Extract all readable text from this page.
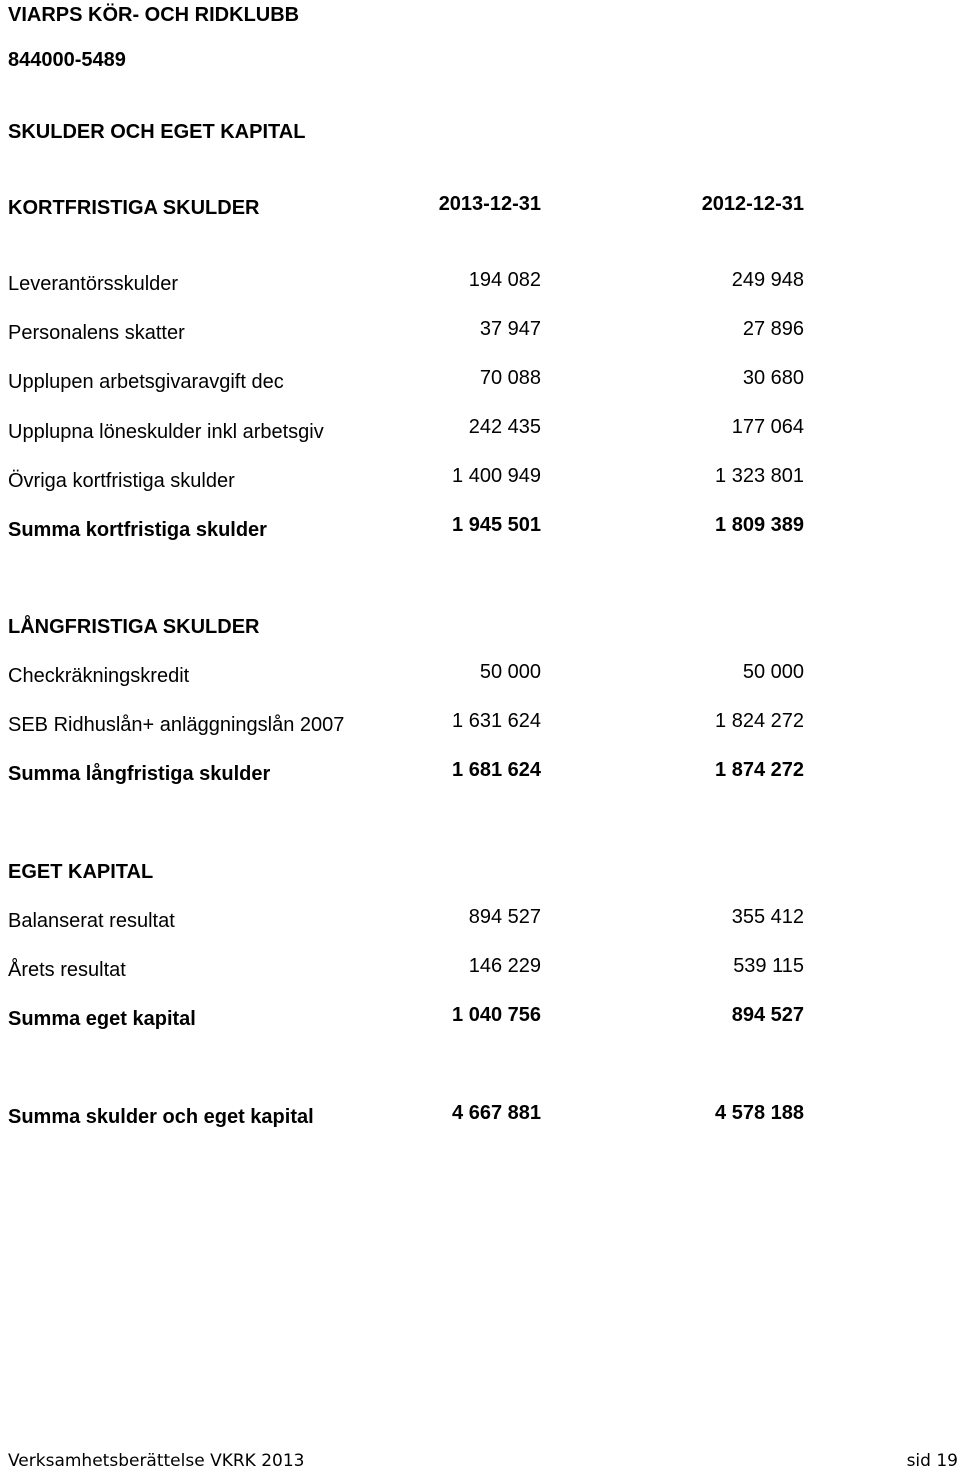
VIARPS KÖR- OCH RIDKLUBB
844000-5489
SKULDER OCH EGET KAPITAL
KORTFRISTIGA SKULDER	2013-12-31	2012-12-31
Leverantörsskulder	194 082	249 948
Personalens skatter	37 947	27 896
Upplupen arbetsgivaravgift dec	70 088	30 680
Upplupna löneskulder inkl arbetsgiv	242 435	177 064
Övriga kortfristiga skulder	1 400 949	1 323 801
Summa kortfristiga skulder	1 945 501	1 809 389
LÅNGFRISTIGA SKULDER
Checkräkningskredit	50 000	50 000
SEB Ridhuslån+ anläggningslån 2007	1 631 624	1 824 272
Summa långfristiga skulder	1 681 624	1 874 272
EGET KAPITAL
Balanserat resultat	894 527	355 412
Årets resultat	146 229	539 115
Summa eget kapital	1 040 756	894 527
Summa skulder och eget kapital	4 667 881	4 578 188
Verksamhetsberättelse VKRK 2013	sid 19
